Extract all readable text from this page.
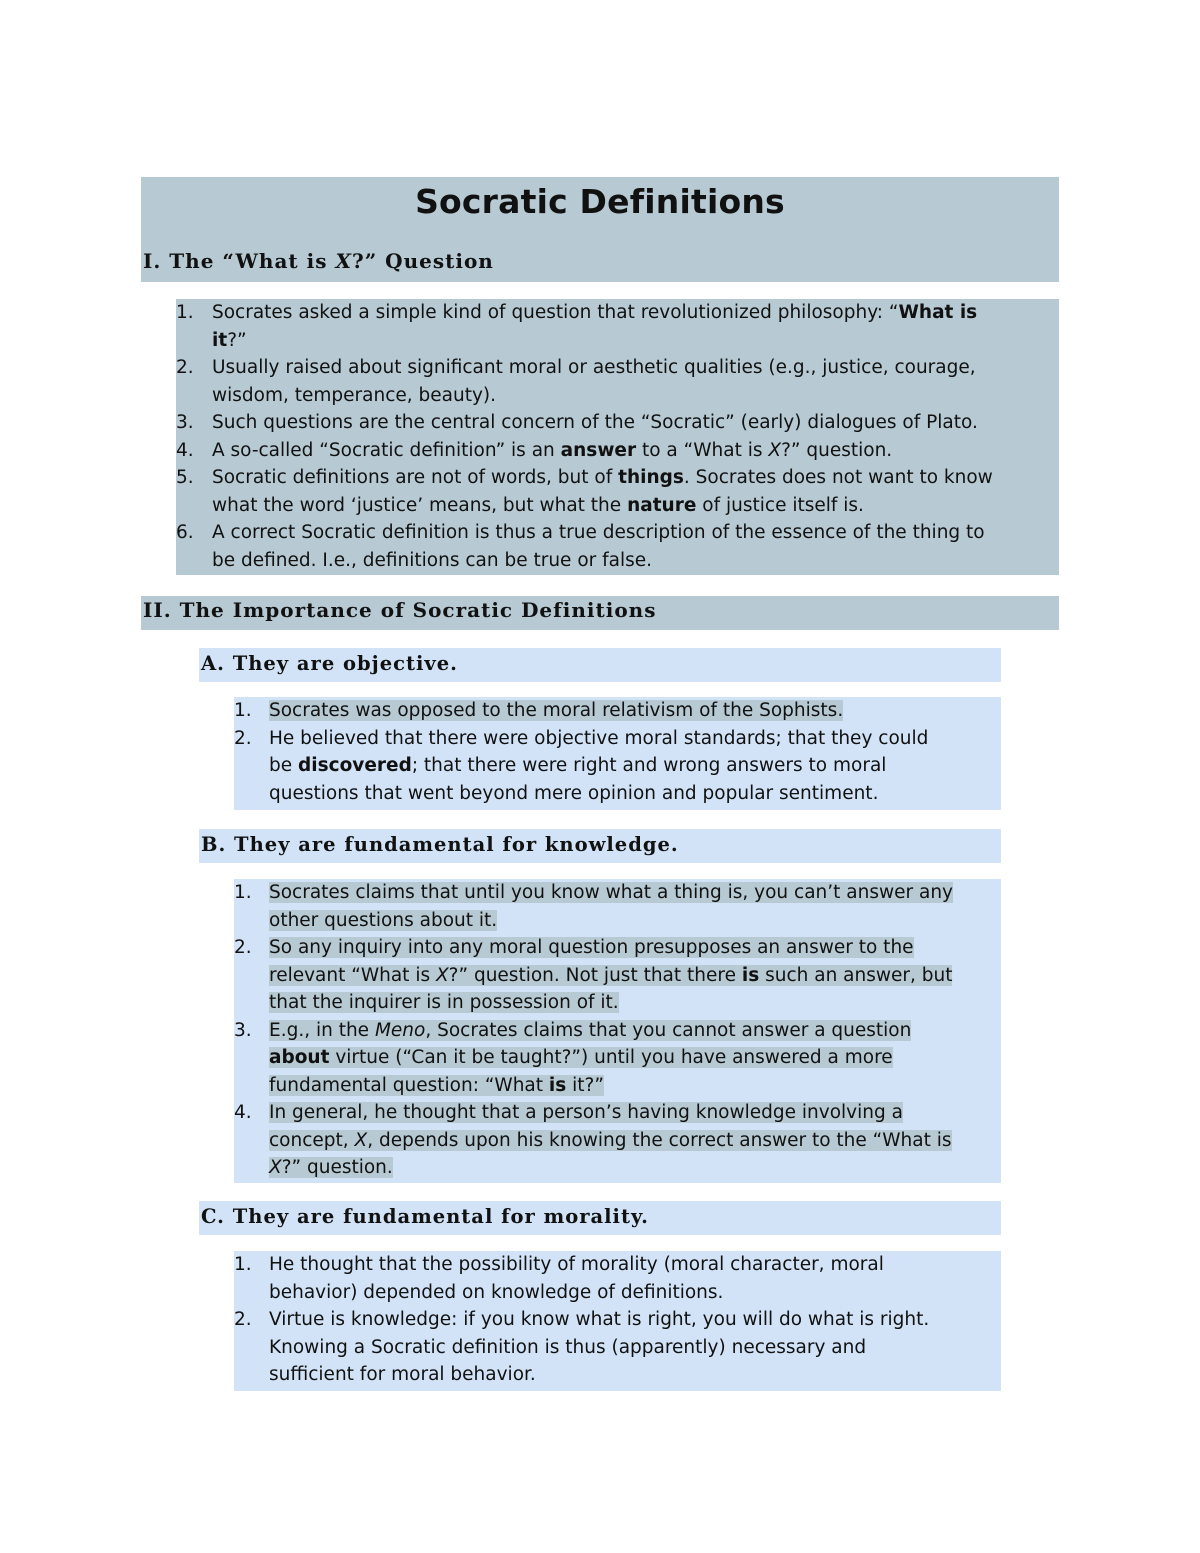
Socratic Definitions
I. The “What is X?” Question
1. Socrates asked a simple kind of question that revolutionized philosophy: “What is
it?”
2. Usually raised about significant moral or aesthetic qualities (e.g., justice, courage,
wisdom, temperance, beauty).
3. Such questions are the central concern of the “Socratic” (early) dialogues of Plato.
4. A so-called “Socratic definition” is an answer to a “What is X?” question.
5. Socratic definitions are not of words, but of things. Socrates does not want to know
what the word ‘justice’ means, but what the nature of justice itself is.
6. A correct Socratic definition is thus a true description of the essence of the thing to
be defined. I.e., definitions can be true or false.
II. The Importance of Socratic Definitions
A. They are objective.
1. Socrates was opposed to the moral relativism of the Sophists.
2. He believed that there were objective moral standards; that they could
be discovered; that there were right and wrong answers to moral
questions that went beyond mere opinion and popular sentiment.
B. They are fundamental for knowledge.
1. Socrates claims that until you know what a thing is, you can’t answer any
other questions about it.
2. So any inquiry into any moral question presupposes an answer to the
relevant “What is X?” question. Not just that there is such an answer, but
that the inquirer is in possession of it.
3. E.g., in the Meno, Socrates claims that you cannot answer a question
about virtue (“Can it be taught?”) until you have answered a more
fundamental question: “What is it?”
4. In general, he thought that a person’s having knowledge involving a
concept, X, depends upon his knowing the correct answer to the “What is
X?” question.
C. They are fundamental for morality.
1. He thought that the possibility of morality (moral character, moral
behavior) depended on knowledge of definitions.
2. Virtue is knowledge: if you know what is right, you will do what is right.
Knowing a Socratic definition is thus (apparently) necessary and
sufficient for moral behavior.
